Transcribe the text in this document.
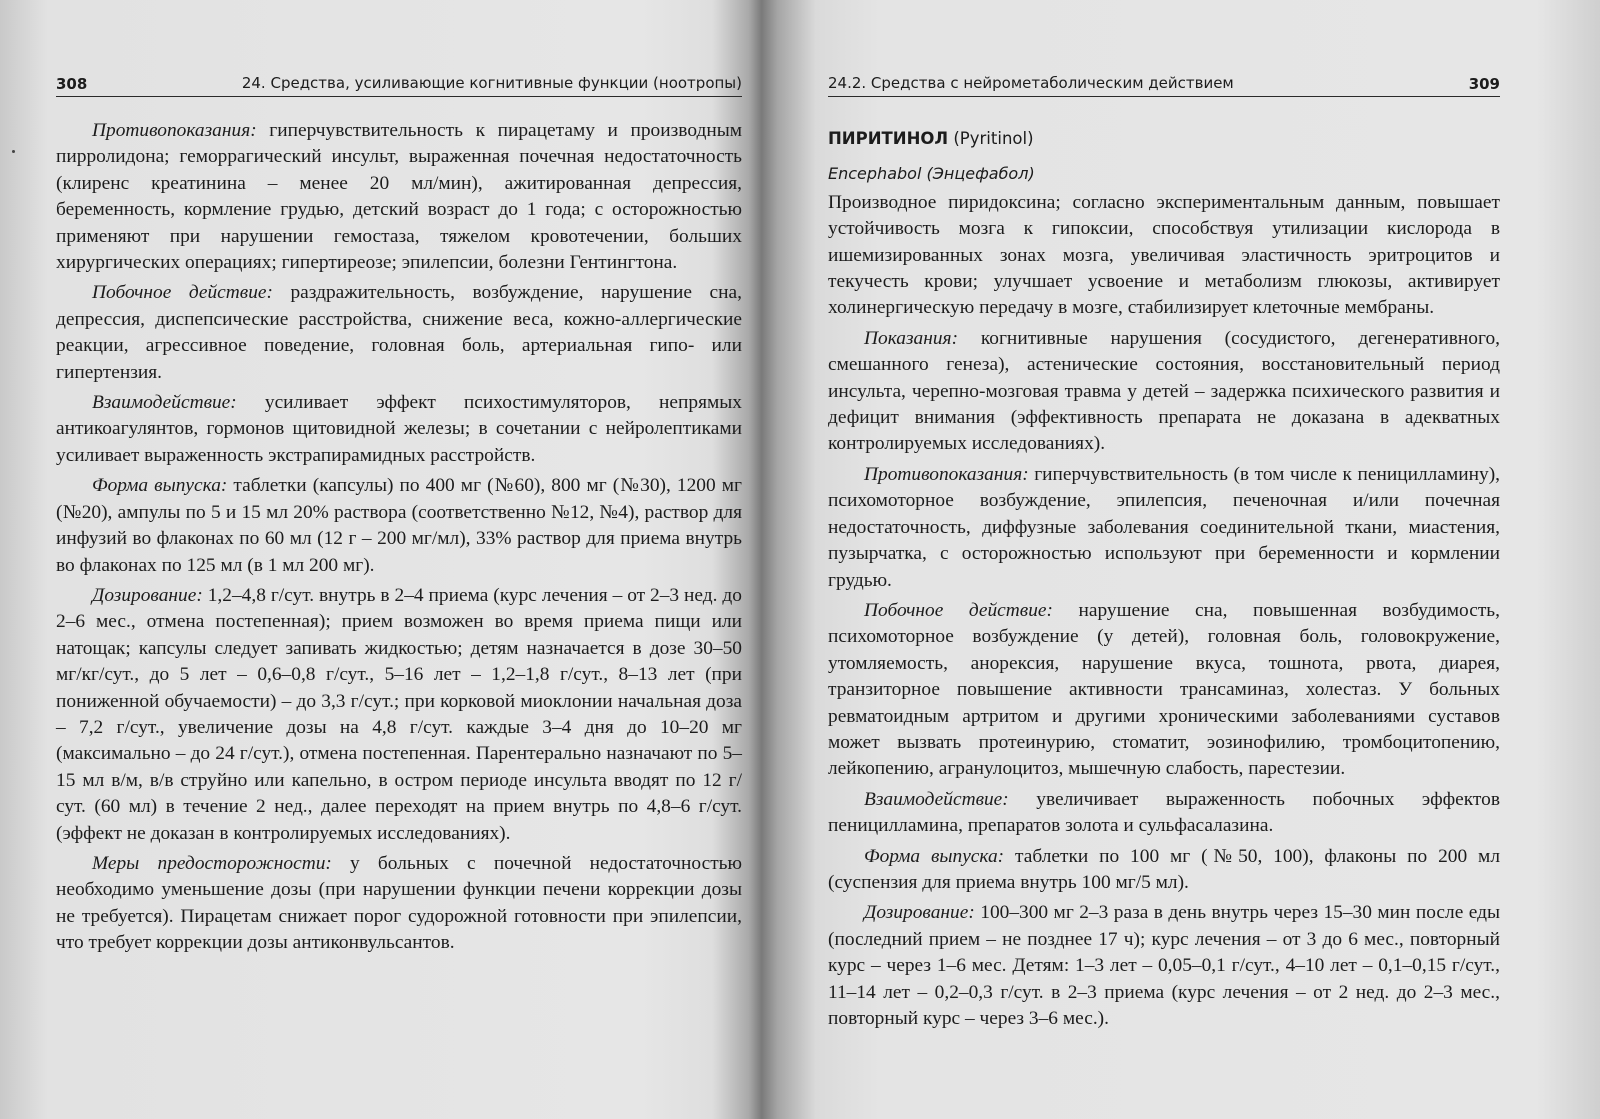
308	24. Средства, усиливающие когнитивные функции (ноотропы)

Противопоказания: гиперчувствительность к пирацетаму и производным пирролидона; геморрагический инсульт, выраженная почечная недостаточность (клиренс креатинина – менее 20 мл/мин), ажитированная депрессия, беременность, кормление грудью, детский возраст до 1 года; с осторожностью применяют при нарушении гемостаза, тяжелом кровотечении, больших хирургических операциях; гипертиреозе; эпилепсии, болезни Гентингтона.

Побочное действие: раздражительность, возбуждение, нарушение сна, депрессия, диспепсические расстройства, снижение веса, кожно-аллергические реакции, агрессивное поведение, головная боль, артериальная гипо- или гипертензия.

Взаимодействие: усиливает эффект психостимуляторов, непрямых антикоагулянтов, гормонов щитовидной железы; в сочетании с нейролептиками усиливает выраженность экстрапирамидных расстройств.

Форма выпуска: таблетки (капсулы) по 400 мг (№60), 800 мг (№30), 1200 мг (№20), ампулы по 5 и 15 мл 20% раствора (соответственно №12, №4), раствор для инфузий во флаконах по 60 мл (12 г – 200 мг/мл), 33% раствор для приема внутрь во флаконах по 125 мл (в 1 мл 200 мг).

Дозирование: 1,2–4,8 г/сут. внутрь в 2–4 приема (курс лечения – от 2–3 нед. до 2–6 мес., отмена постепенная); прием возможен во время приема пищи или натощак; капсулы следует запивать жидкостью; детям назначается в дозе 30–50 мг/кг/сут., до 5 лет – 0,6–0,8 г/сут., 5–16 лет – 1,2–1,8 г/сут., 8–13 лет (при пониженной обучаемости) – до 3,3 г/сут.; при корковой миоклонии начальная доза – 7,2 г/сут., увеличение дозы на 4,8 г/сут. каждые 3–4 дня до 10–20 мг (максимально – до 24 г/сут.), отмена постепенная. Парентерально назначают по 5–15 мл в/м, в/в струйно или капельно, в остром периоде инсульта вводят по 12 г/сут. (60 мл) в течение 2 нед., далее переходят на прием внутрь по 4,8–6 г/сут. (эффект не доказан в контролируемых исследованиях).

Меры предосторожности: у больных с почечной недостаточностью необходимо уменьшение дозы (при нарушении функции печени коррекции дозы не требуется). Пирацетам снижает порог судорожной готовности при эпилепсии, что требует коррекции дозы антиконвульсантов.

24.2. Средства с нейрометаболическим действием	309
ПИРИТИНОЛ (Pyritinol)
Encephabol (Энцефабол)

Производное пиридоксина; согласно экспериментальным данным, повышает устойчивость мозга к гипоксии, способствуя утилизации кислорода в ишемизированных зонах мозга, увеличивая эластичность эритроцитов и текучесть крови; улучшает усвоение и метаболизм глюкозы, активирует холинергическую передачу в мозге, стабилизирует клеточные мембраны.

Показания: когнитивные нарушения (сосудистого, дегенеративного, смешанного генеза), астенические состояния, восстановительный период инсульта, черепно-мозговая травма у детей – задержка психического развития и дефицит внимания (эффективность препарата не доказана в адекватных контролируемых исследованиях).

Противопоказания: гиперчувствительность (в том числе к пеницилламину), психомоторное возбуждение, эпилепсия, печеночная и/или почечная недостаточность, диффузные заболевания соединительной ткани, миастения, пузырчатка, с осторожностью используют при беременности и кормлении грудью.

Побочное действие: нарушение сна, повышенная возбудимость, психомоторное возбуждение (у детей), головная боль, головокружение, утомляемость, анорексия, нарушение вкуса, тошнота, рвота, диарея, транзиторное повышение активности трансаминаз, холестаз. У больных ревматоидным артритом и другими хроническими заболеваниями суставов может вызвать протеинурию, стоматит, эозинофилию, тромбоцитопению, лейкопению, агранулоцитоз, мышечную слабость, парестезии.

Взаимодействие: увеличивает выраженность побочных эффектов пеницилламина, препаратов золота и сульфасалазина.

Форма выпуска: таблетки по 100 мг (№50, 100), флаконы по 200 мл (суспензия для приема внутрь 100 мг/5 мл).

Дозирование: 100–300 мг 2–3 раза в день внутрь через 15–30 мин после еды (последний прием – не позднее 17 ч); курс лечения – от 3 до 6 мес., повторный курс – через 1–6 мес. Детям: 1–3 лет – 0,05–0,1 г/сут., 4–10 лет – 0,1–0,15 г/сут., 11–14 лет – 0,2–0,3 г/сут. в 2–3 приема (курс лечения – от 2 нед. до 2–3 мес., повторный курс – через 3–6 мес.).
